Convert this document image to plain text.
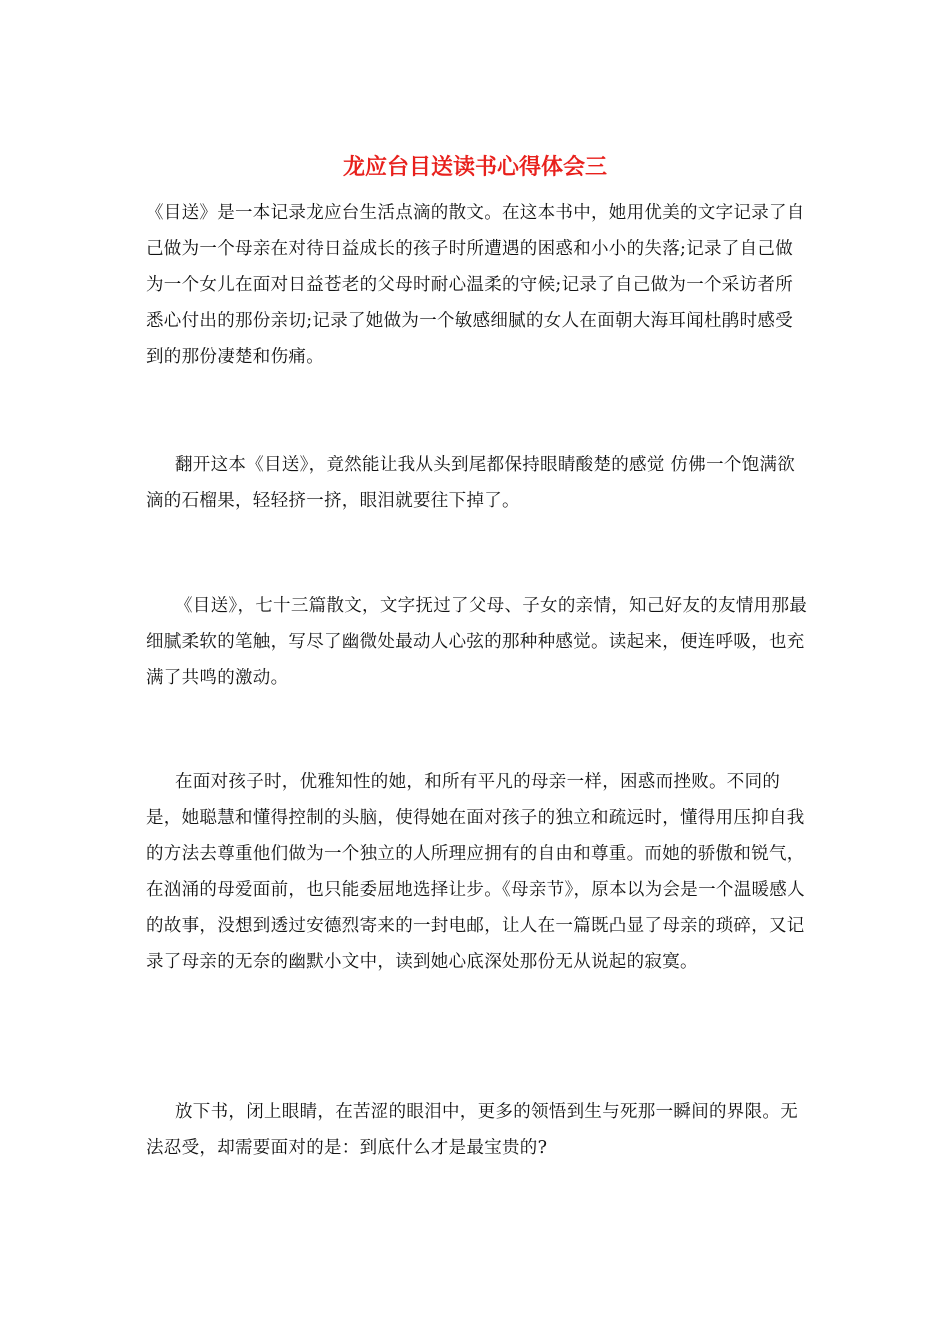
龙应台目送读书心得体会三

《目送》是一本记录龙应台生活点滴的散文。在这本书中，她用优美的文字记录了自己做为一个母亲在对待日益成长的孩子时所遭遇的困惑和小小的失落;记录了自己做为一个女儿在面对日益苍老的父母时耐心温柔的守候;记录了自己做为一个采访者所悉心付出的那份亲切;记录了她做为一个敏感细腻的女人在面朝大海耳闻杜鹃时感受到的那份凄楚和伤痛。

翻开这本《目送》，竟然能让我从头到尾都保持眼睛酸楚的感觉 仿佛一个饱满欲滴的石榴果，轻轻挤一挤，眼泪就要往下掉了。

《目送》，七十三篇散文，文字抚过了父母、子女的亲情，知己好友的友情用那最细腻柔软的笔触，写尽了幽微处最动人心弦的那种种感觉。读起来，便连呼吸，也充满了共鸣的激动。

在面对孩子时，优雅知性的她，和所有平凡的母亲一样，困惑而挫败。不同的是，她聪慧和懂得控制的头脑，使得她在面对孩子的独立和疏远时，懂得用压抑自我的方法去尊重他们做为一个独立的人所理应拥有的自由和尊重。而她的骄傲和锐气，在汹涌的母爱面前，也只能委屈地选择让步。《母亲节》，原本以为会是一个温暖感人的故事，没想到透过安德烈寄来的一封电邮，让人在一篇既凸显了母亲的琐碎，又记录了母亲的无奈的幽默小文中，读到她心底深处那份无从说起的寂寞。

放下书，闭上眼睛，在苦涩的眼泪中，更多的领悟到生与死那一瞬间的界限。无法忍受，却需要面对的是：到底什么才是最宝贵的?
